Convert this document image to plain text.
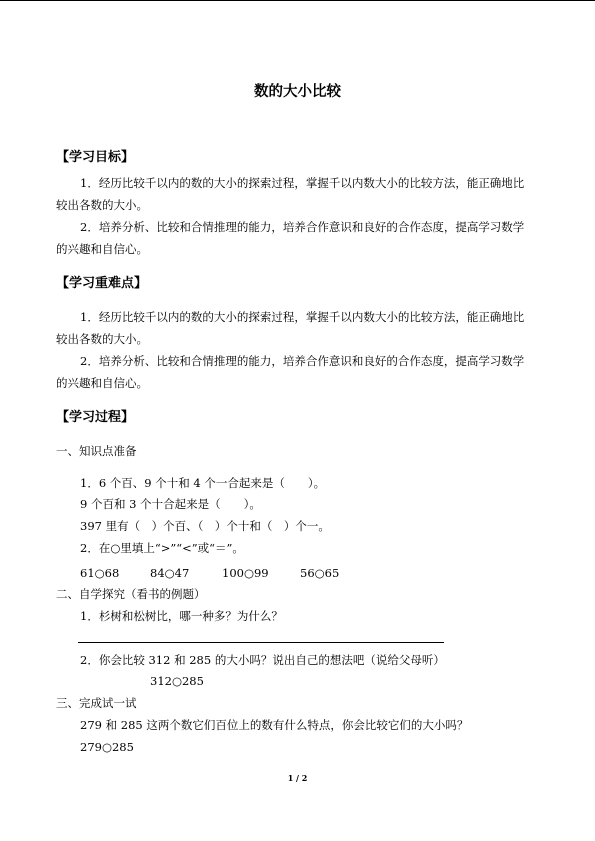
数的大小比较
【学习目标】
1．经历比较千以内的数的大小的探索过程，掌握千以内数大小的比较方法，能正确地比
较出各数的大小。
2．培养分析、比较和合情推理的能力，培养合作意识和良好的合作态度，提高学习数学
的兴趣和自信心。
【学习重难点】
1．经历比较千以内的数的大小的探索过程，掌握千以内数大小的比较方法，能正确地比
较出各数的大小。
2．培养分析、比较和合情推理的能力，培养合作意识和良好的合作态度，提高学习数学
的兴趣和自信心。
【学习过程】
一、知识点准备
1．6 个百、9 个十和 4 个一合起来是（　　）。
9 个百和 3 个十合起来是（　　）。
397 里有（　）个百、（　）个十和（　）个一。
2．在○里填上“>”“<”或“＝”。
61○68	84○47	100○99	56○65
二、自学探究（看书的例题）
1．杉树和松树比，哪一种多？为什么？
2．你会比较 312 和 285 的大小吗？说出自己的想法吧（说给父母听）
312○285
三、完成试一试
279 和 285 这两个数它们百位上的数有什么特点，你会比较它们的大小吗？
279○285
1 / 2
